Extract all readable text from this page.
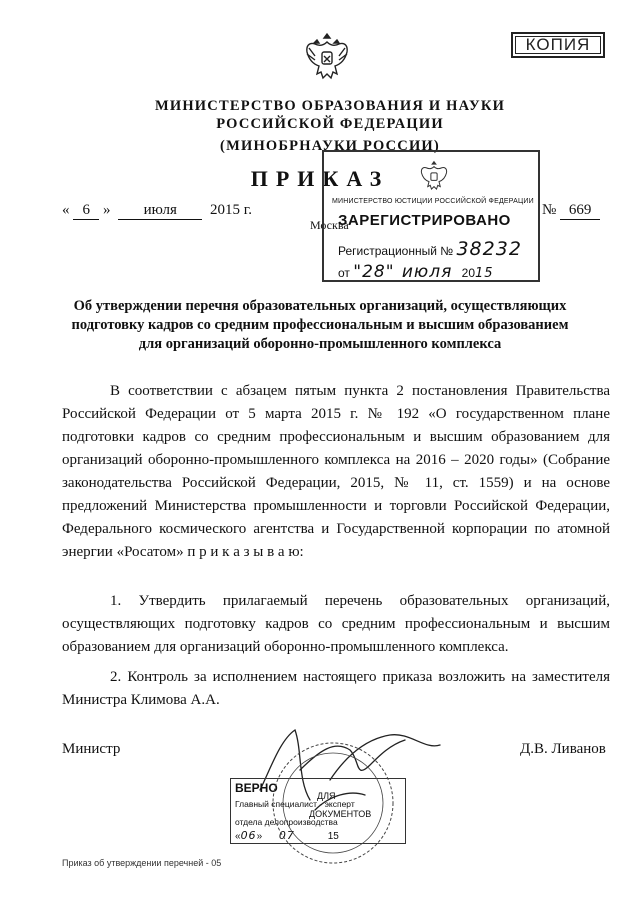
КОПИЯ
МИНИСТЕРСТВО ОБРАЗОВАНИЯ И НАУКИ
РОССИЙСКОЙ ФЕДЕРАЦИИ
(МИНОБРНАУКИ РОССИИ)
ПРИКАЗ
« 6 » июля 2015 г.
Москва
№ 669
МИНИСТЕРСТВО ЮСТИЦИИ РОССИЙСКОЙ ФЕДЕРАЦИИ
ЗАРЕГИСТРИРОВАНО
Регистрационный № 38232
от "28" июля 2015
Об утверждении перечня образовательных организаций, осуществляющих
подготовку кадров со средним профессиональным и высшим образованием
для организаций оборонно-промышленного комплекса
В соответствии с абзацем пятым пункта 2 постановления Правительства Российской Федерации от 5 марта 2015 г. № 192 «О государственном плане подготовки кадров со средним профессиональным и высшим образованием для организаций оборонно-промышленного комплекса на 2016 – 2020 годы» (Собрание законодательства Российской Федерации, 2015, № 11, ст. 1559) и на основе предложений Министерства промышленности и торговли Российской Федерации, Федерального космического агентства и Государственной корпорации по атомной энергии «Росатом» п р и к а з ы в а ю:
1. Утвердить прилагаемый перечень образовательных организаций, осуществляющих подготовку кадров со средним профессиональным и высшим образованием для организаций оборонно-промышленного комплекса.
2. Контроль за исполнением настоящего приказа возложить на заместителя Министра Климова А.А.
Министр	Д.В. Ливанов
ВЕРНО
ДЛЯ
Главный специалист - эксперт
ДОКУМЕНТОВ
отдела делопроизводства
«06» 07	15
Приказ об утверждении перечней - 05
